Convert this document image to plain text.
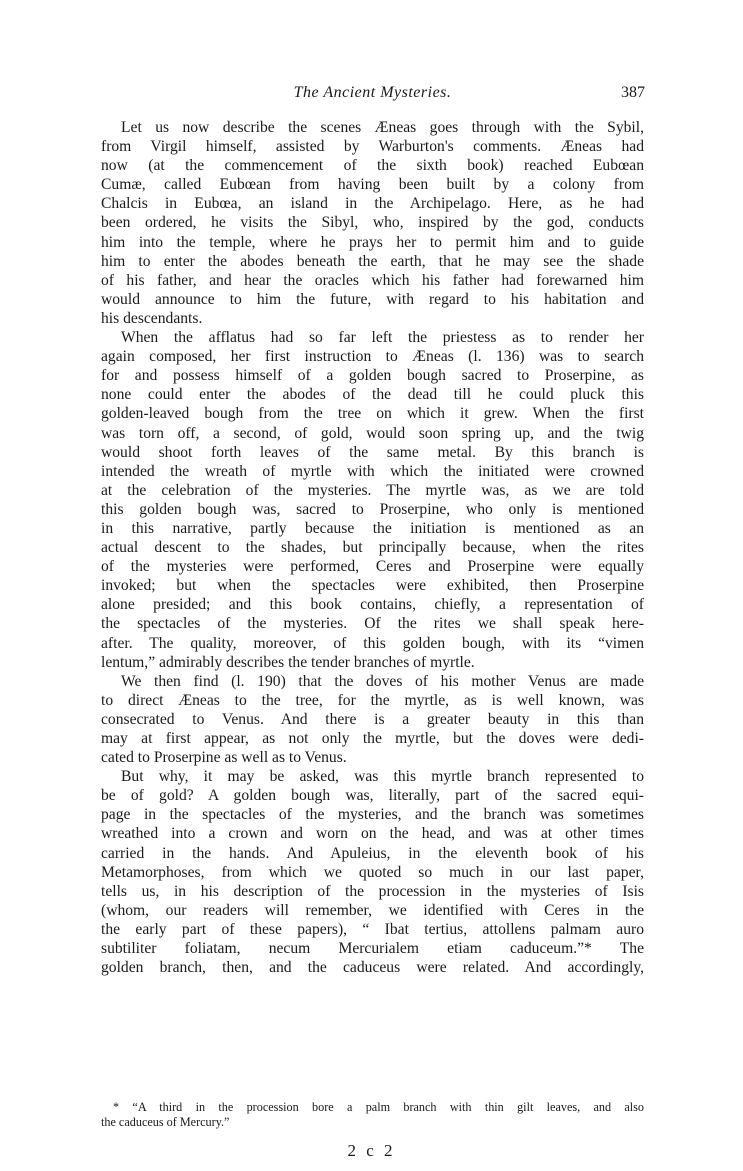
The Ancient Mysteries.	387
Let us now describe the scenes Æneas goes through with the Sybil,
from Virgil himself, assisted by Warburton's comments. Æneas had
now (at the commencement of the sixth book) reached Eubœan
Cumæ, called Eubœan from having been built by a colony from
Chalcis in Eubœa, an island in the Archipelago. Here, as he had
been ordered, he visits the Sibyl, who, inspired by the god, conducts
him into the temple, where he prays her to permit him and to guide
him to enter the abodes beneath the earth, that he may see the shade
of his father, and hear the oracles which his father had forewarned him
would announce to him the future, with regard to his habitation and
his descendants.
When the afflatus had so far left the priestess as to render her
again composed, her first instruction to Æneas (l. 136) was to search
for and possess himself of a golden bough sacred to Proserpine, as
none could enter the abodes of the dead till he could pluck this
golden-leaved bough from the tree on which it grew. When the first
was torn off, a second, of gold, would soon spring up, and the twig
would shoot forth leaves of the same metal. By this branch is
intended the wreath of myrtle with which the initiated were crowned
at the celebration of the mysteries. The myrtle was, as we are told
this golden bough was, sacred to Proserpine, who only is mentioned
in this narrative, partly because the initiation is mentioned as an
actual descent to the shades, but principally because, when the rites
of the mysteries were performed, Ceres and Proserpine were equally
invoked; but when the spectacles were exhibited, then Proserpine
alone presided; and this book contains, chiefly, a representation of
the spectacles of the mysteries. Of the rites we shall speak here-
after. The quality, moreover, of this golden bough, with its “vimen
lentum,” admirably describes the tender branches of myrtle.
We then find (l. 190) that the doves of his mother Venus are made
to direct Æneas to the tree, for the myrtle, as is well known, was
consecrated to Venus. And there is a greater beauty in this than
may at first appear, as not only the myrtle, but the doves were dedi-
cated to Proserpine as well as to Venus.
But why, it may be asked, was this myrtle branch represented to
be of gold? A golden bough was, literally, part of the sacred equi-
page in the spectacles of the mysteries, and the branch was sometimes
wreathed into a crown and worn on the head, and was at other times
carried in the hands. And Apuleius, in the eleventh book of his
Metamorphoses, from which we quoted so much in our last paper,
tells us, in his description of the procession in the mysteries of Isis
(whom, our readers will remember, we identified with Ceres in the
the early part of these papers), “ Ibat tertius, attollens palmam auro
subtiliter foliatam, necum Mercurialem etiam caduceum.”* The
golden branch, then, and the caduceus were related. And accordingly,
* “A third in the procession bore a palm branch with thin gilt leaves, and also
the caduceus of Mercury.”
2 c 2
